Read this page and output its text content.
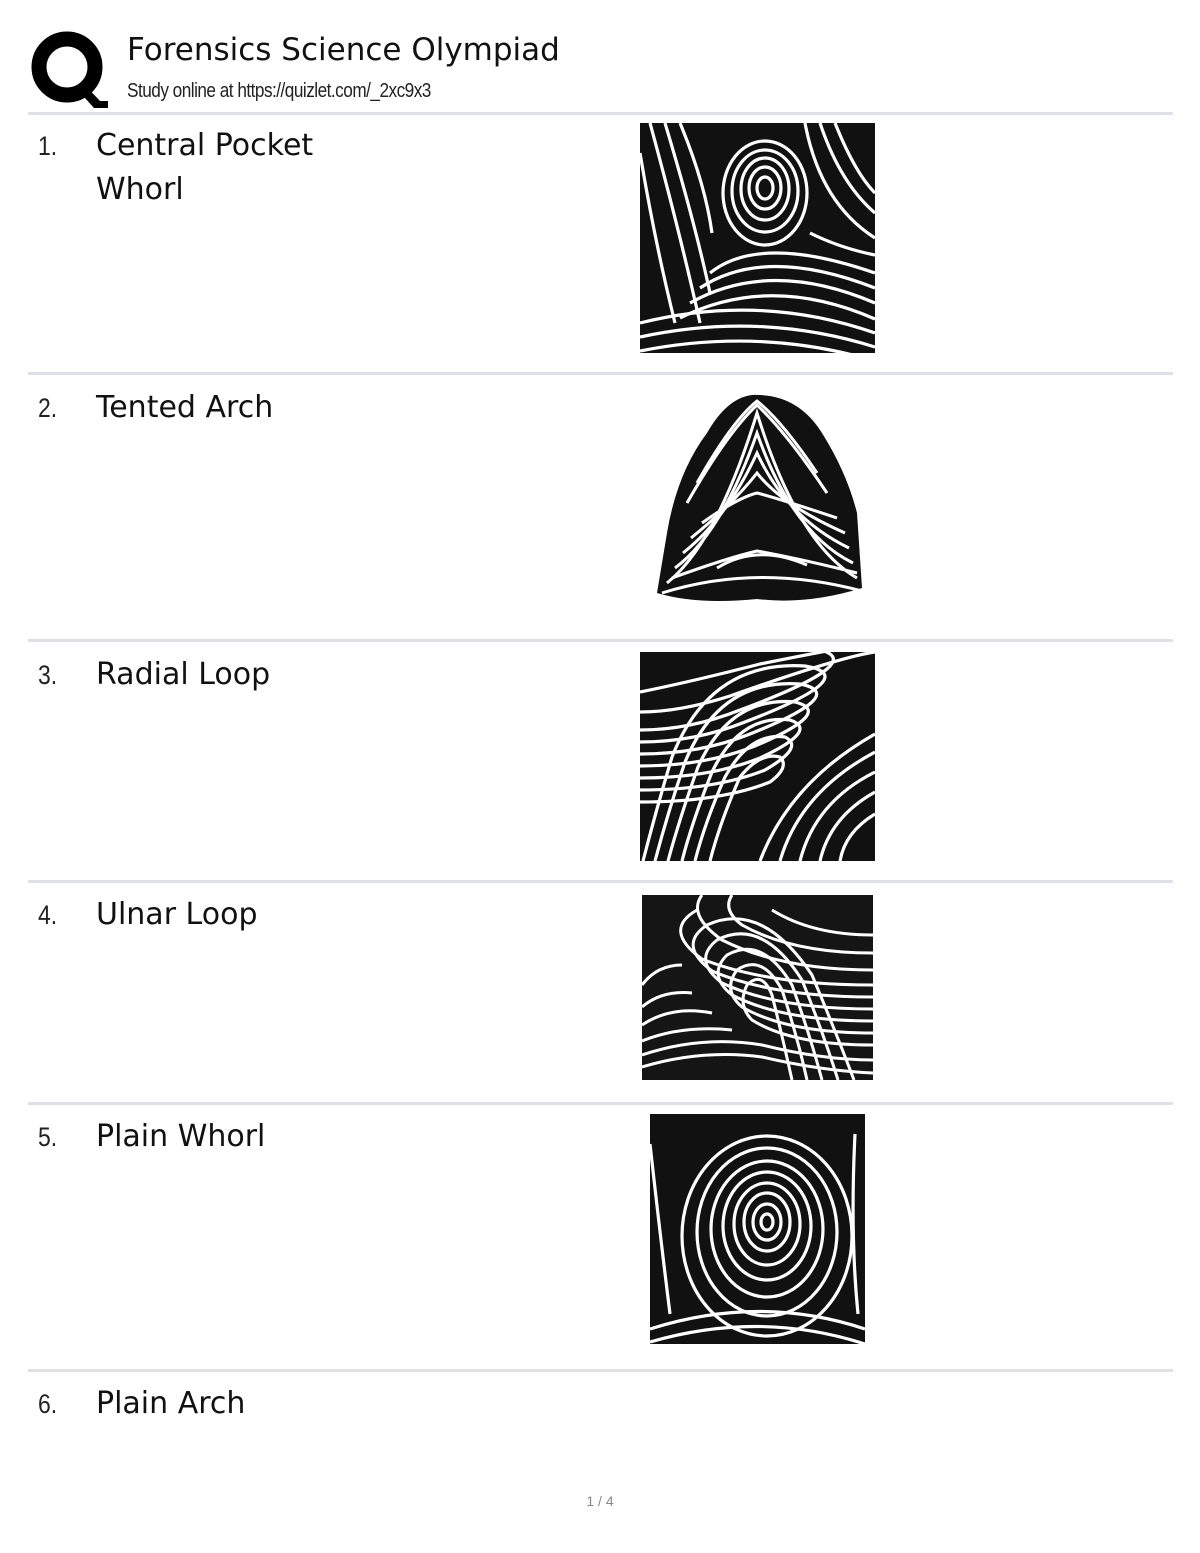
Forensics Science Olympiad
Study online at https://quizlet.com/_2xc9x3
1. Central Pocket Whorl
2. Tented Arch
3. Radial Loop
4. Ulnar Loop
5. Plain Whorl
6. Plain Arch
1 / 4
